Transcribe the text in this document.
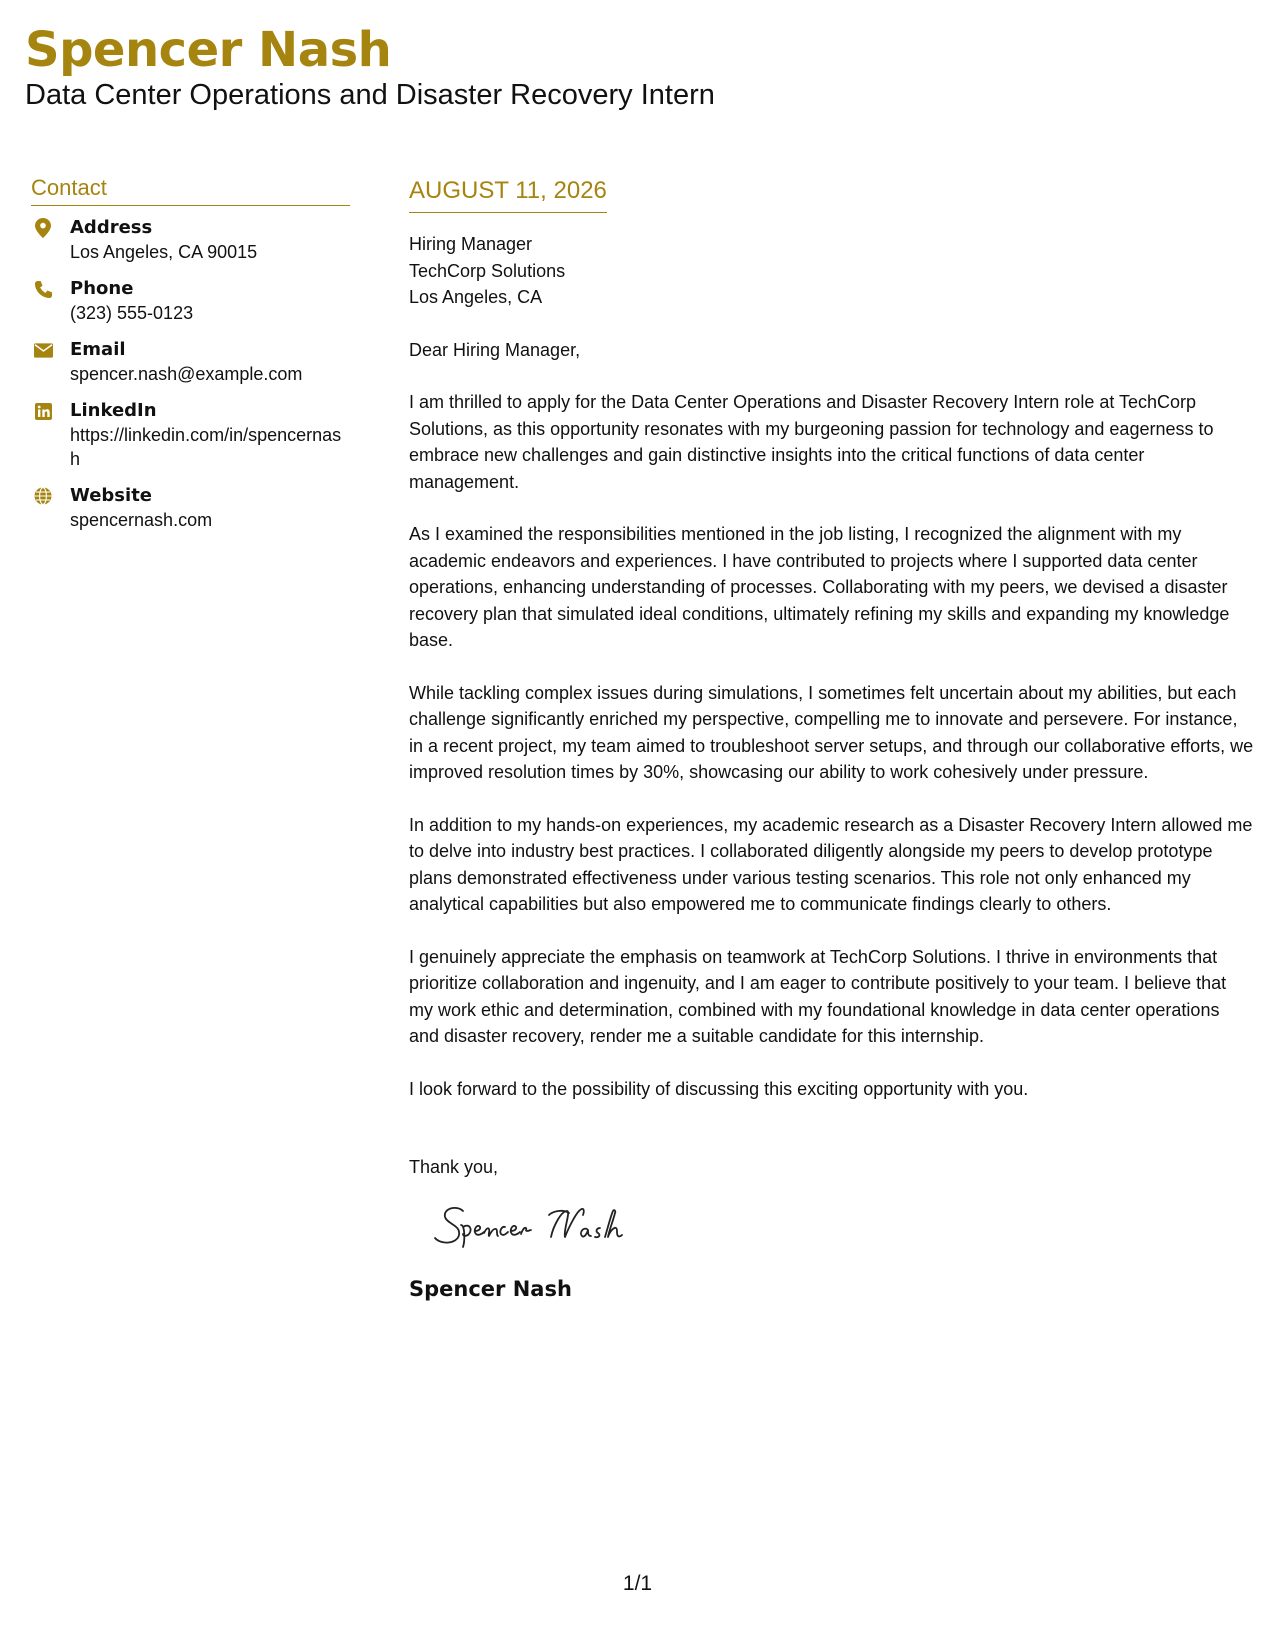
Spencer Nash
Data Center Operations and Disaster Recovery Intern
Contact
Address
Los Angeles, CA 90015
Phone
(323) 555-0123
Email
spencer.nash@example.com
LinkedIn
https://linkedin.com/in/spencernash
Website
spencernash.com
AUGUST 11, 2026
Hiring Manager
TechCorp Solutions
Los Angeles, CA
Dear Hiring Manager,
I am thrilled to apply for the Data Center Operations and Disaster Recovery Intern role at TechCorp Solutions, as this opportunity resonates with my burgeoning passion for technology and eagerness to embrace new challenges and gain distinctive insights into the critical functions of data center management.
As I examined the responsibilities mentioned in the job listing, I recognized the alignment with my academic endeavors and experiences. I have contributed to projects where I supported data center operations, enhancing understanding of processes. Collaborating with my peers, we devised a disaster recovery plan that simulated ideal conditions, ultimately refining my skills and expanding my knowledge base.
While tackling complex issues during simulations, I sometimes felt uncertain about my abilities, but each challenge significantly enriched my perspective, compelling me to innovate and persevere. For instance, in a recent project, my team aimed to troubleshoot server setups, and through our collaborative efforts, we improved resolution times by 30%, showcasing our ability to work cohesively under pressure.
In addition to my hands-on experiences, my academic research as a Disaster Recovery Intern allowed me to delve into industry best practices. I collaborated diligently alongside my peers to develop prototype plans demonstrated effectiveness under various testing scenarios. This role not only enhanced my analytical capabilities but also empowered me to communicate findings clearly to others.
I genuinely appreciate the emphasis on teamwork at TechCorp Solutions. I thrive in environments that prioritize collaboration and ingenuity, and I am eager to contribute positively to your team. I believe that my work ethic and determination, combined with my foundational knowledge in data center operations and disaster recovery, render me a suitable candidate for this internship.
I look forward to the possibility of discussing this exciting opportunity with you.
Thank you,
Spencer Nash
1/1
